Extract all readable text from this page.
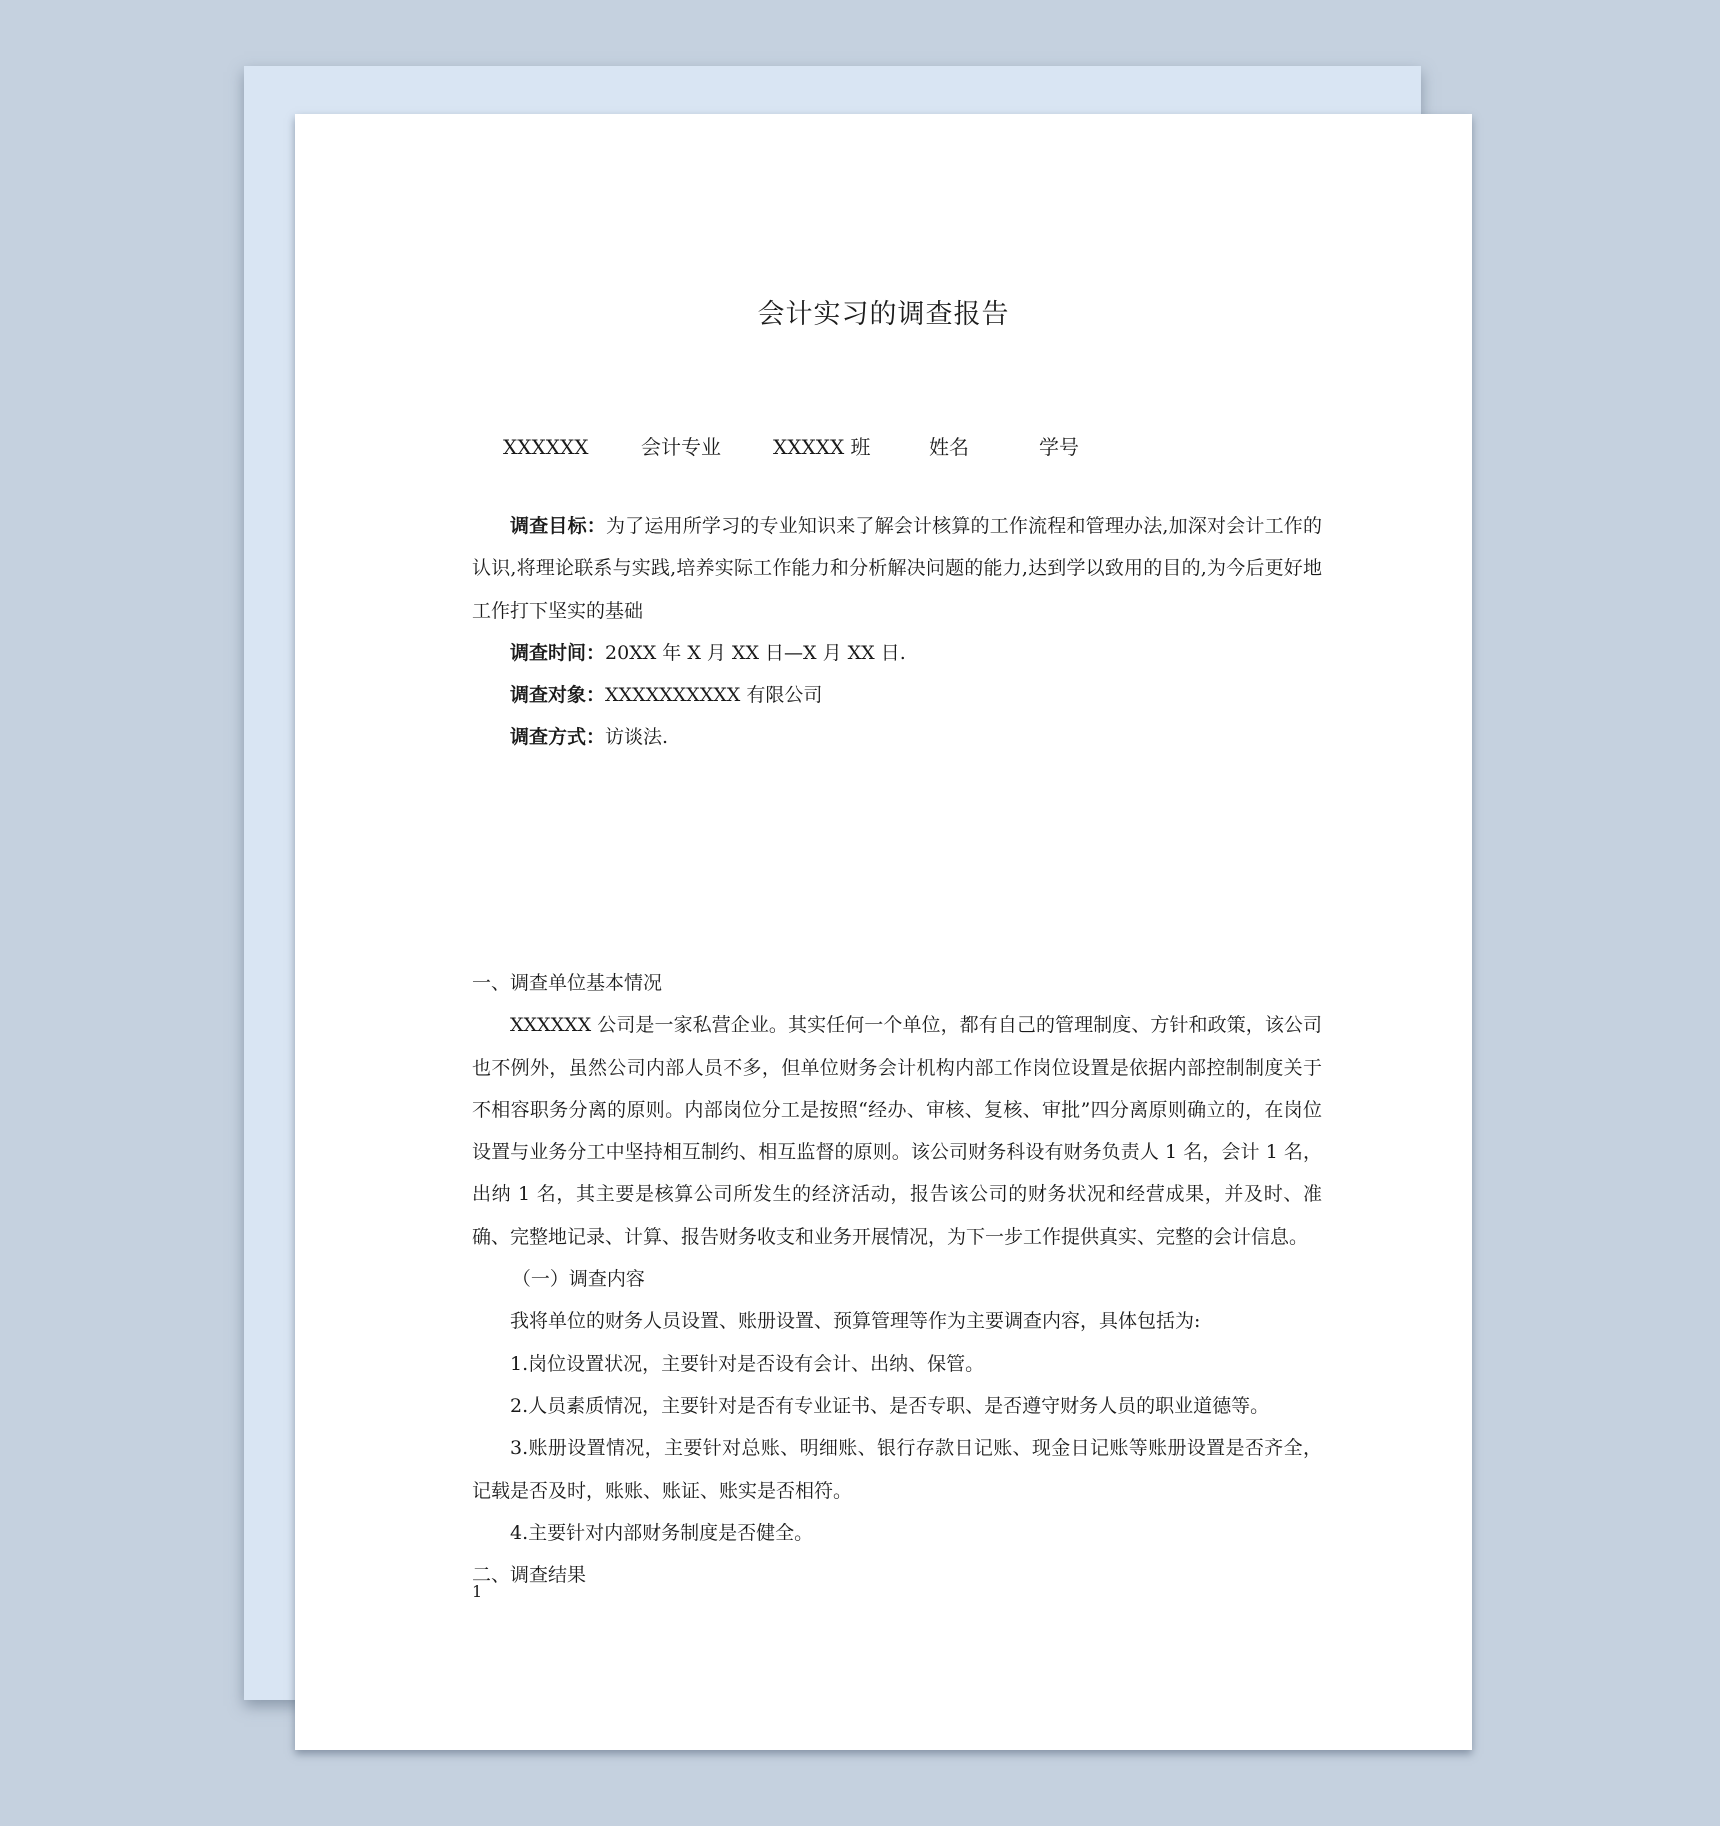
会计实习的调查报告
XXXXXX	会计专业	XXXXX 班	姓名	学号

调查目标：为了运用所学习的专业知识来了解会计核算的工作流程和管理办法,加深对会计工作的认识,将理论联系与实践,培养实际工作能力和分析解决问题的能力,达到学以致用的目的,为今后更好地工作打下坚实的基础

调查时间：20XX 年 X 月 XX 日—X 月 XX 日.

调查对象：XXXXXXXXXX 有限公司

调查方式：访谈法.

一、调查单位基本情况

XXXXXX 公司是一家私营企业。其实任何一个单位，都有自己的管理制度、方针和政策，该公司也不例外，虽然公司内部人员不多，但单位财务会计机构内部工作岗位设置是依据内部控制制度关于不相容职务分离的原则。内部岗位分工是按照“经办、审核、复核、审批”四分离原则确立的，在岗位设置与业务分工中坚持相互制约、相互监督的原则。该公司财务科设有财务负责人 1 名，会计 1 名，出纳 1 名，其主要是核算公司所发生的经济活动，报告该公司的财务状况和经营成果，并及时、准确、完整地记录、计算、报告财务收支和业务开展情况，为下一步工作提供真实、完整的会计信息。

（一）调查内容

我将单位的财务人员设置、账册设置、预算管理等作为主要调查内容，具体包括为:

1.岗位设置状况，主要针对是否设有会计、出纳、保管。

2.人员素质情况，主要针对是否有专业证书、是否专职、是否遵守财务人员的职业道德等。

3.账册设置情况，主要针对总账、明细账、银行存款日记账、现金日记账等账册设置是否齐全，记载是否及时，账账、账证、账实是否相符。

4.主要针对内部财务制度是否健全。

二、调查结果

1
